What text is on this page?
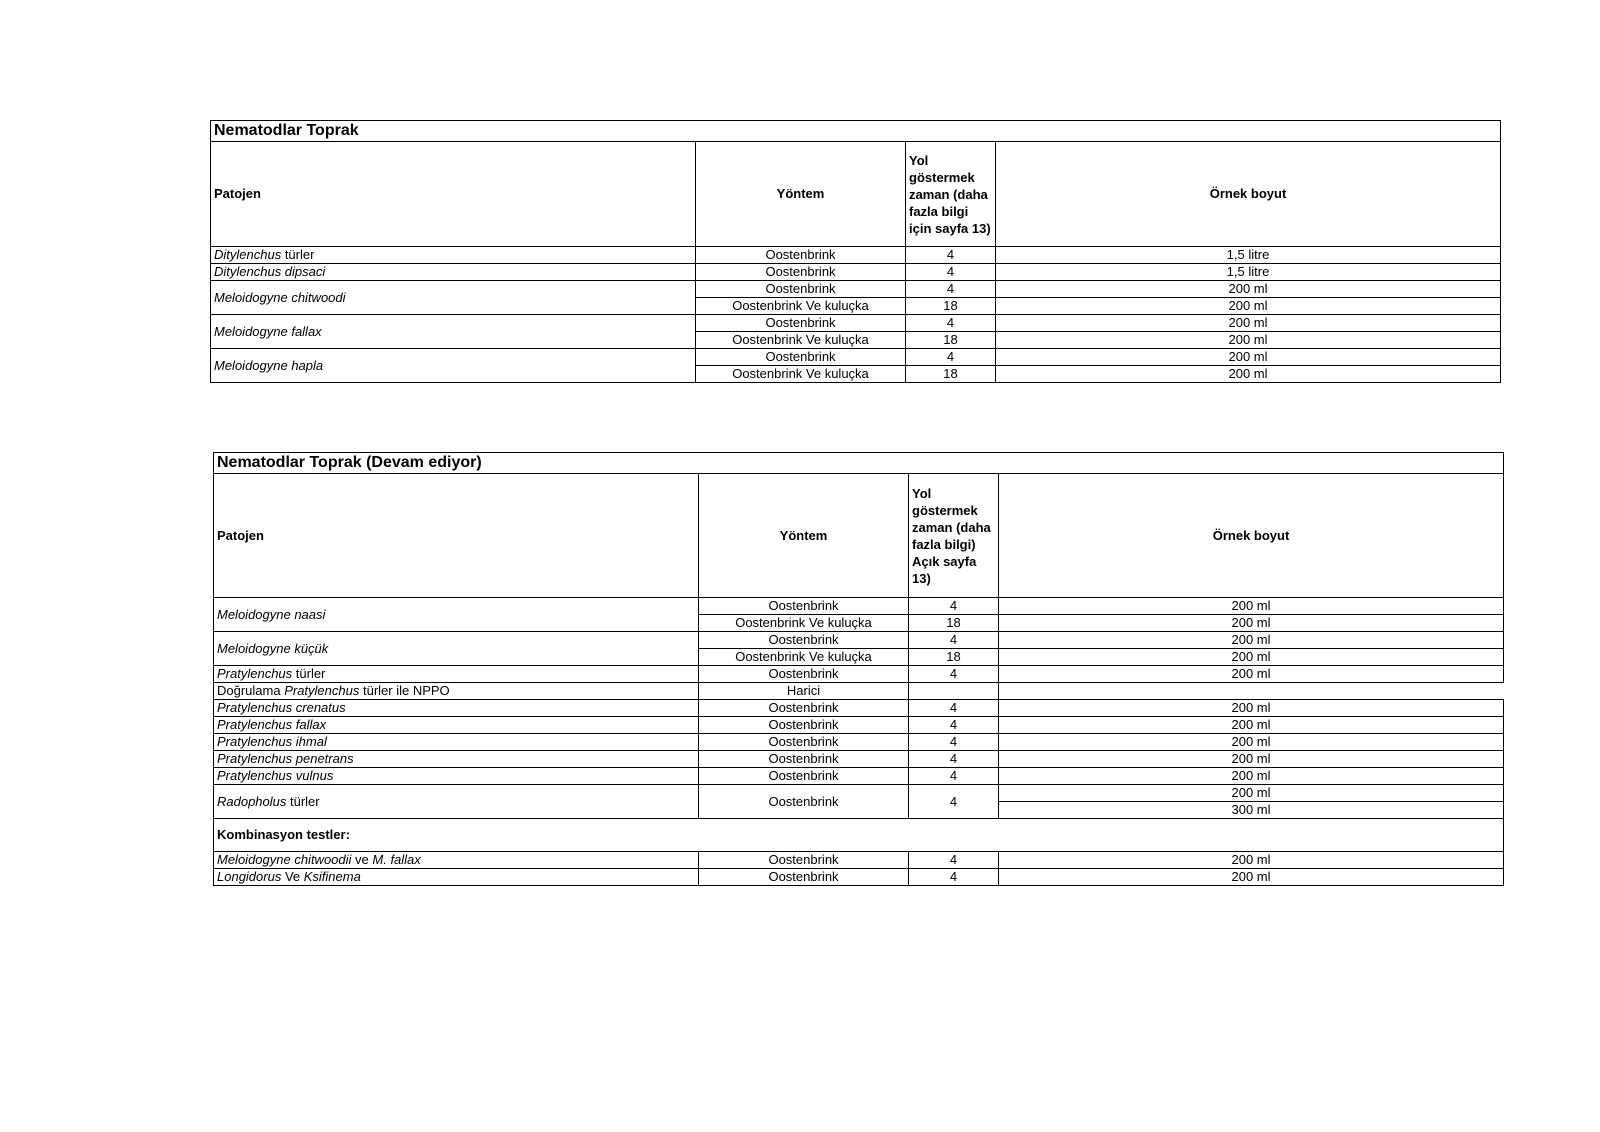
Nematodlar Toprak			
Patojen	Yöntem	Yol göstermek zaman (daha fazla bilgi için sayfa 13)	Örnek boyut
Ditylenchus türler	Oostenbrink	4	1,5 litre
Ditylenchus dipsaci	Oostenbrink	4	1,5 litre
Meloidogyne chitwoodi	Oostenbrink	4	200 ml
	Oostenbrink Ve kuluçka	18	200 ml
Meloidogyne fallax	Oostenbrink	4	200 ml
	Oostenbrink Ve kuluçka	18	200 ml
Meloidogyne hapla	Oostenbrink	4	200 ml
	Oostenbrink Ve kuluçka	18	200 ml
Nematodlar Toprak (Devam ediyor)			
Patojen	Yöntem	Yol göstermek zaman (daha fazla bilgi) Açık sayfa 13)	Örnek boyut
Meloidogyne naasi	Oostenbrink	4	200 ml
	Oostenbrink Ve kuluçka	18	200 ml
Meloidogyne küçük	Oostenbrink	4	200 ml
	Oostenbrink Ve kuluçka	18	200 ml
Pratylenchus türler	Oostenbrink	4	200 ml
Doğrulama Pratylenchus türler ile NPPO	Harici		
Pratylenchus crenatus	Oostenbrink	4	200 ml
Pratylenchus fallax	Oostenbrink	4	200 ml
Pratylenchus ihmal	Oostenbrink	4	200 ml
Pratylenchus penetrans	Oostenbrink	4	200 ml
Pratylenchus vulnus	Oostenbrink	4	200 ml
Radopholus türler	Oostenbrink	4	200 ml
			300 ml
Kombinasyon testler:			
Meloidogyne chitwoodii ve M. fallax	Oostenbrink	4	200 ml
Longidorus Ve Ksifinema	Oostenbrink	4	200 ml
